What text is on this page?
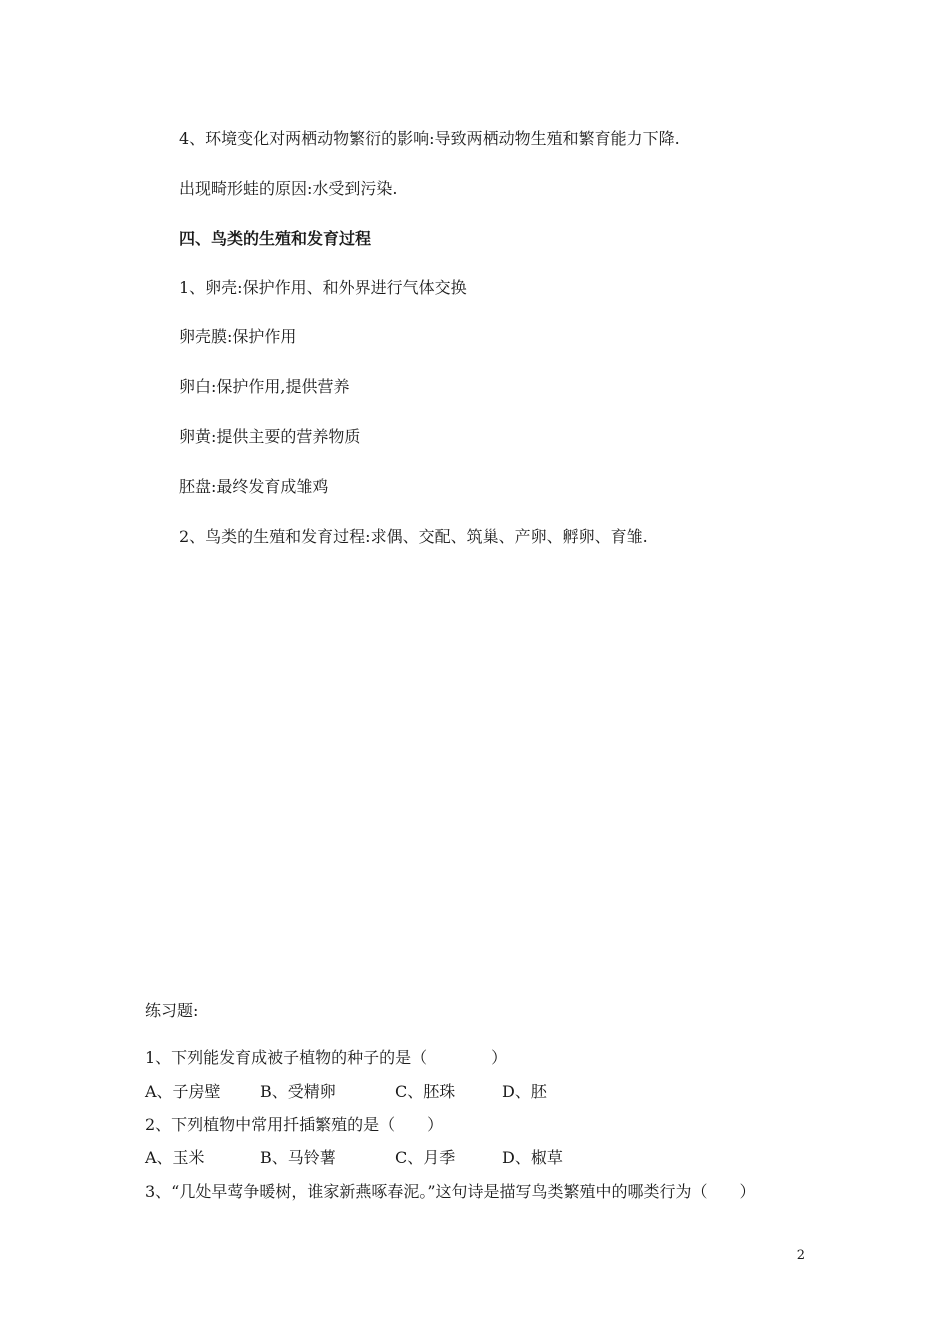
4、环境变化对两栖动物繁衍的影响:导致两栖动物生殖和繁育能力下降.
出现畸形蛙的原因:水受到污染.
四、鸟类的生殖和发育过程
1、卵壳:保护作用、和外界进行气体交换
卵壳膜:保护作用
卵白:保护作用,提供营养
卵黄:提供主要的营养物质
胚盘:最终发育成雏鸡
2、鸟类的生殖和发育过程:求偶、交配、筑巢、产卵、孵卵、育雏.
练习题:
1、下列能发育成被子植物的种子的是（　　　　）
A、子房壁 B、受精卵	C、胚珠	D、胚
2、下列植物中常用扦插繁殖的是（　　）
A、玉米	B、马铃薯	C、月季	D、椒草
3、“几处早莺争暖树，谁家新燕啄春泥。”这句诗是描写鸟类繁殖中的哪类行为（　　）
2
